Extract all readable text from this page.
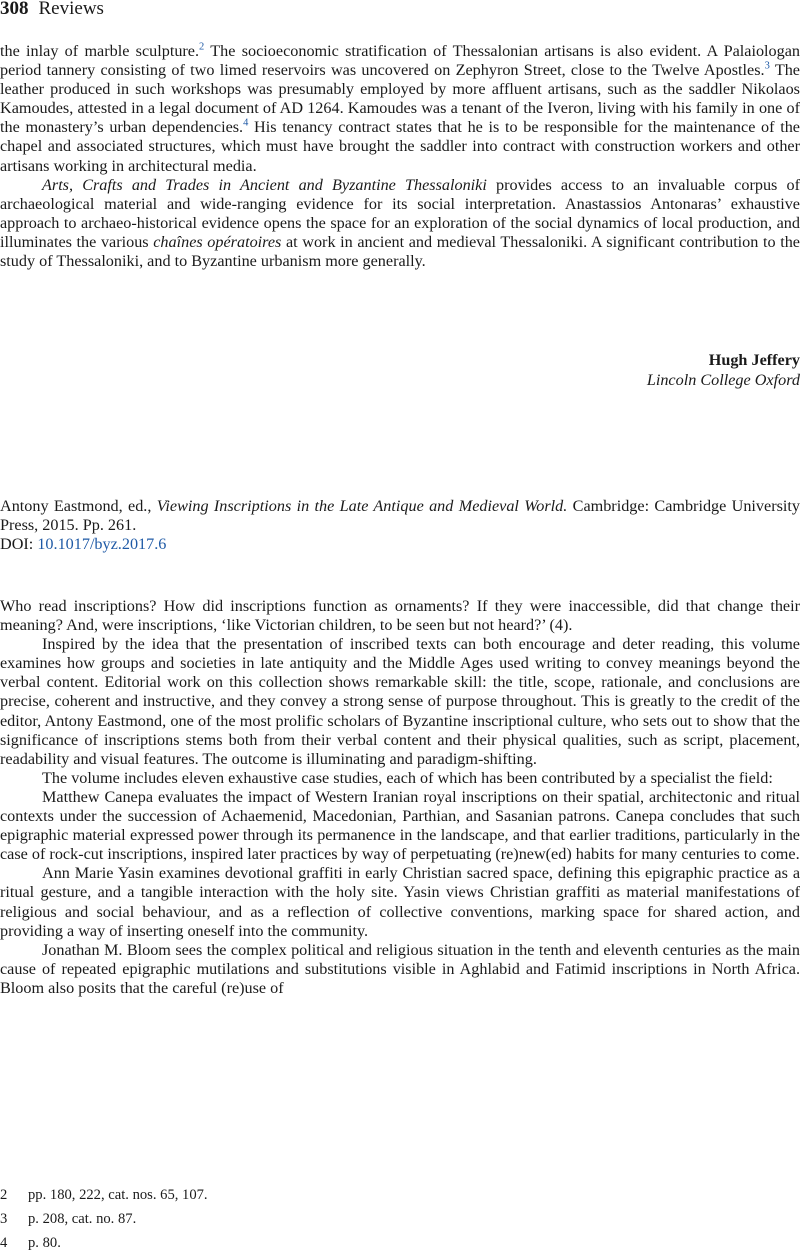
308 Reviews

the inlay of marble sculpture.$^2$ The socioeconomic stratification of Thessalonian artisans is also evident. A Palaiologan period tannery consisting of two limed reservoirs was uncovered on Zephyron Street, close to the Twelve Apostles.$^3$ The leather produced in such workshops was presumably employed by more affluent artisans, such as the saddler Nikolaos Kamoudes, attested in a legal document of AD 1264. Kamoudes was a tenant of the Iveron, living with his family in one of the monastery’s urban dependencies.$^4$ His tenancy contract states that he is to be responsible for the maintenance of the chapel and associated structures, which must have brought the saddler into contract with construction workers and other artisans working in architectural media.

Arts, Crafts and Trades in Ancient and Byzantine Thessaloniki provides access to an invaluable corpus of archaeological material and wide-ranging evidence for its social interpretation. Anastassios Antonaras’ exhaustive approach to archaeo-historical evidence opens the space for an exploration of the social dynamics of local production, and illuminates the various chaînes opératoires at work in ancient and medieval Thessaloniki. A significant contribution to the study of Thessaloniki, and to Byzantine urbanism more generally.

Hugh Jeffery
Lincoln College Oxford

Antony Eastmond, ed., Viewing Inscriptions in the Late Antique and Medieval World. Cambridge: Cambridge University Press, 2015. Pp. 261.

DOI: 10.1017/byz.2017.6

Who read inscriptions? How did inscriptions function as ornaments? If they were inaccessible, did that change their meaning? And, were inscriptions, ‘like Victorian children, to be seen but not heard?’ (4).

Inspired by the idea that the presentation of inscribed texts can both encourage and deter reading, this volume examines how groups and societies in late antiquity and the Middle Ages used writing to convey meanings beyond the verbal content. Editorial work on this collection shows remarkable skill: the title, scope, rationale, and conclusions are precise, coherent and instructive, and they convey a strong sense of purpose throughout. This is greatly to the credit of the editor, Antony Eastmond, one of the most prolific scholars of Byzantine inscriptional culture, who sets out to show that the significance of inscriptions stems both from their verbal content and their physical qualities, such as script, placement, readability and visual features. The outcome is illuminating and paradigm-shifting.

The volume includes eleven exhaustive case studies, each of which has been contributed by a specialist the field:

Matthew Canepa evaluates the impact of Western Iranian royal inscriptions on their spatial, architectonic and ritual contexts under the succession of Achaemenid, Macedonian, Parthian, and Sasanian patrons. Canepa concludes that such epigraphic material expressed power through its permanence in the landscape, and that earlier traditions, particularly in the case of rock-cut inscriptions, inspired later practices by way of perpetuating (re)new(ed) habits for many centuries to come.

Ann Marie Yasin examines devotional graffiti in early Christian sacred space, defining this epigraphic practice as a ritual gesture, and a tangible interaction with the holy site. Yasin views Christian graffiti as material manifestations of religious and social behaviour, and as a reflection of collective conventions, marking space for shared action, and providing a way of inserting oneself into the community.

Jonathan M. Bloom sees the complex political and religious situation in the tenth and eleventh centuries as the main cause of repeated epigraphic mutilations and substitutions visible in Aghlabid and Fatimid inscriptions in North Africa. Bloom also posits that the careful (re)use of

2 pp. 180, 222, cat. nos. 65, 107.
3 p. 208, cat. no. 87.
4 p. 80.
